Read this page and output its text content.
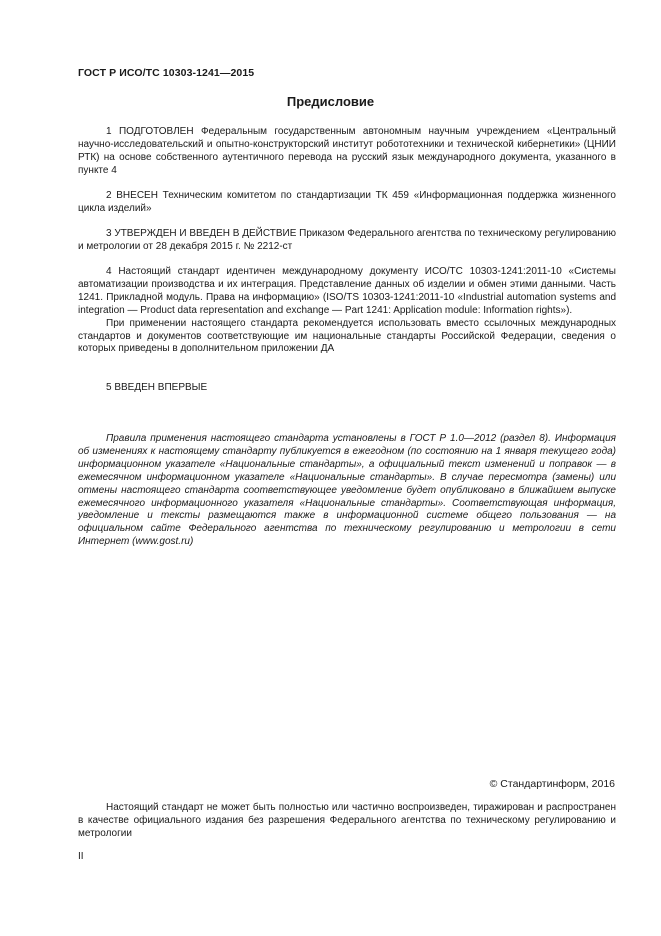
ГОСТ Р ИСО/ТС 10303-1241—2015
Предисловие

1 ПОДГОТОВЛЕН Федеральным государственным автономным научным учреждением «Центральный научно-исследовательский и опытно-конструкторский институт робототехники и технической кибернетики» (ЦНИИ РТК) на основе собственного аутентичного перевода на русский язык международного документа, указанного в пункте 4

2 ВНЕСЕН Техническим комитетом по стандартизации ТК 459 «Информационная поддержка жизненного цикла изделий»

3 УТВЕРЖДЕН И ВВЕДЕН В ДЕЙСТВИЕ Приказом Федерального агентства по техническому регулированию и метрологии от 28 декабря 2015 г. № 2212-ст

4 Настоящий стандарт идентичен международному документу ИСО/ТС 10303-1241:2011-10 «Системы автоматизации производства и их интеграция. Представление данных об изделии и обмен этими данными. Часть 1241. Прикладной модуль. Права на информацию» (ISO/TS 10303-1241:2011-10 «Industrial automation systems and integration — Product data representation and exchange — Part 1241: Application module: Information rights»).

При применении настоящего стандарта рекомендуется использовать вместо ссылочных международных стандартов и документов соответствующие им национальные стандарты Российской Федерации, сведения о которых приведены в дополнительном приложении ДА

5 ВВЕДЕН ВПЕРВЫЕ

Правила применения настоящего стандарта установлены в ГОСТ Р 1.0—2012 (раздел 8). Информация об изменениях к настоящему стандарту публикуется в ежегодном (по состоянию на 1 января текущего года) информационном указателе «Национальные стандарты», а официальный текст изменений и поправок — в ежемесячном информационном указателе «Национальные стандарты». В случае пересмотра (замены) или отмены настоящего стандарта соответствующее уведомление будет опубликовано в ближайшем выпуске ежемесячного информационного указателя «Национальные стандарты». Соответствующая информация, уведомление и тексты размещаются также в информационной системе общего пользования — на официальном сайте Федерального агентства по техническому регулированию и метрологии в сети Интернет (www.gost.ru)

© Стандартинформ, 2016

Настоящий стандарт не может быть полностью или частично воспроизведен, тиражирован и распространен в качестве официального издания без разрешения Федерального агентства по техническому регулированию и метрологии

II
